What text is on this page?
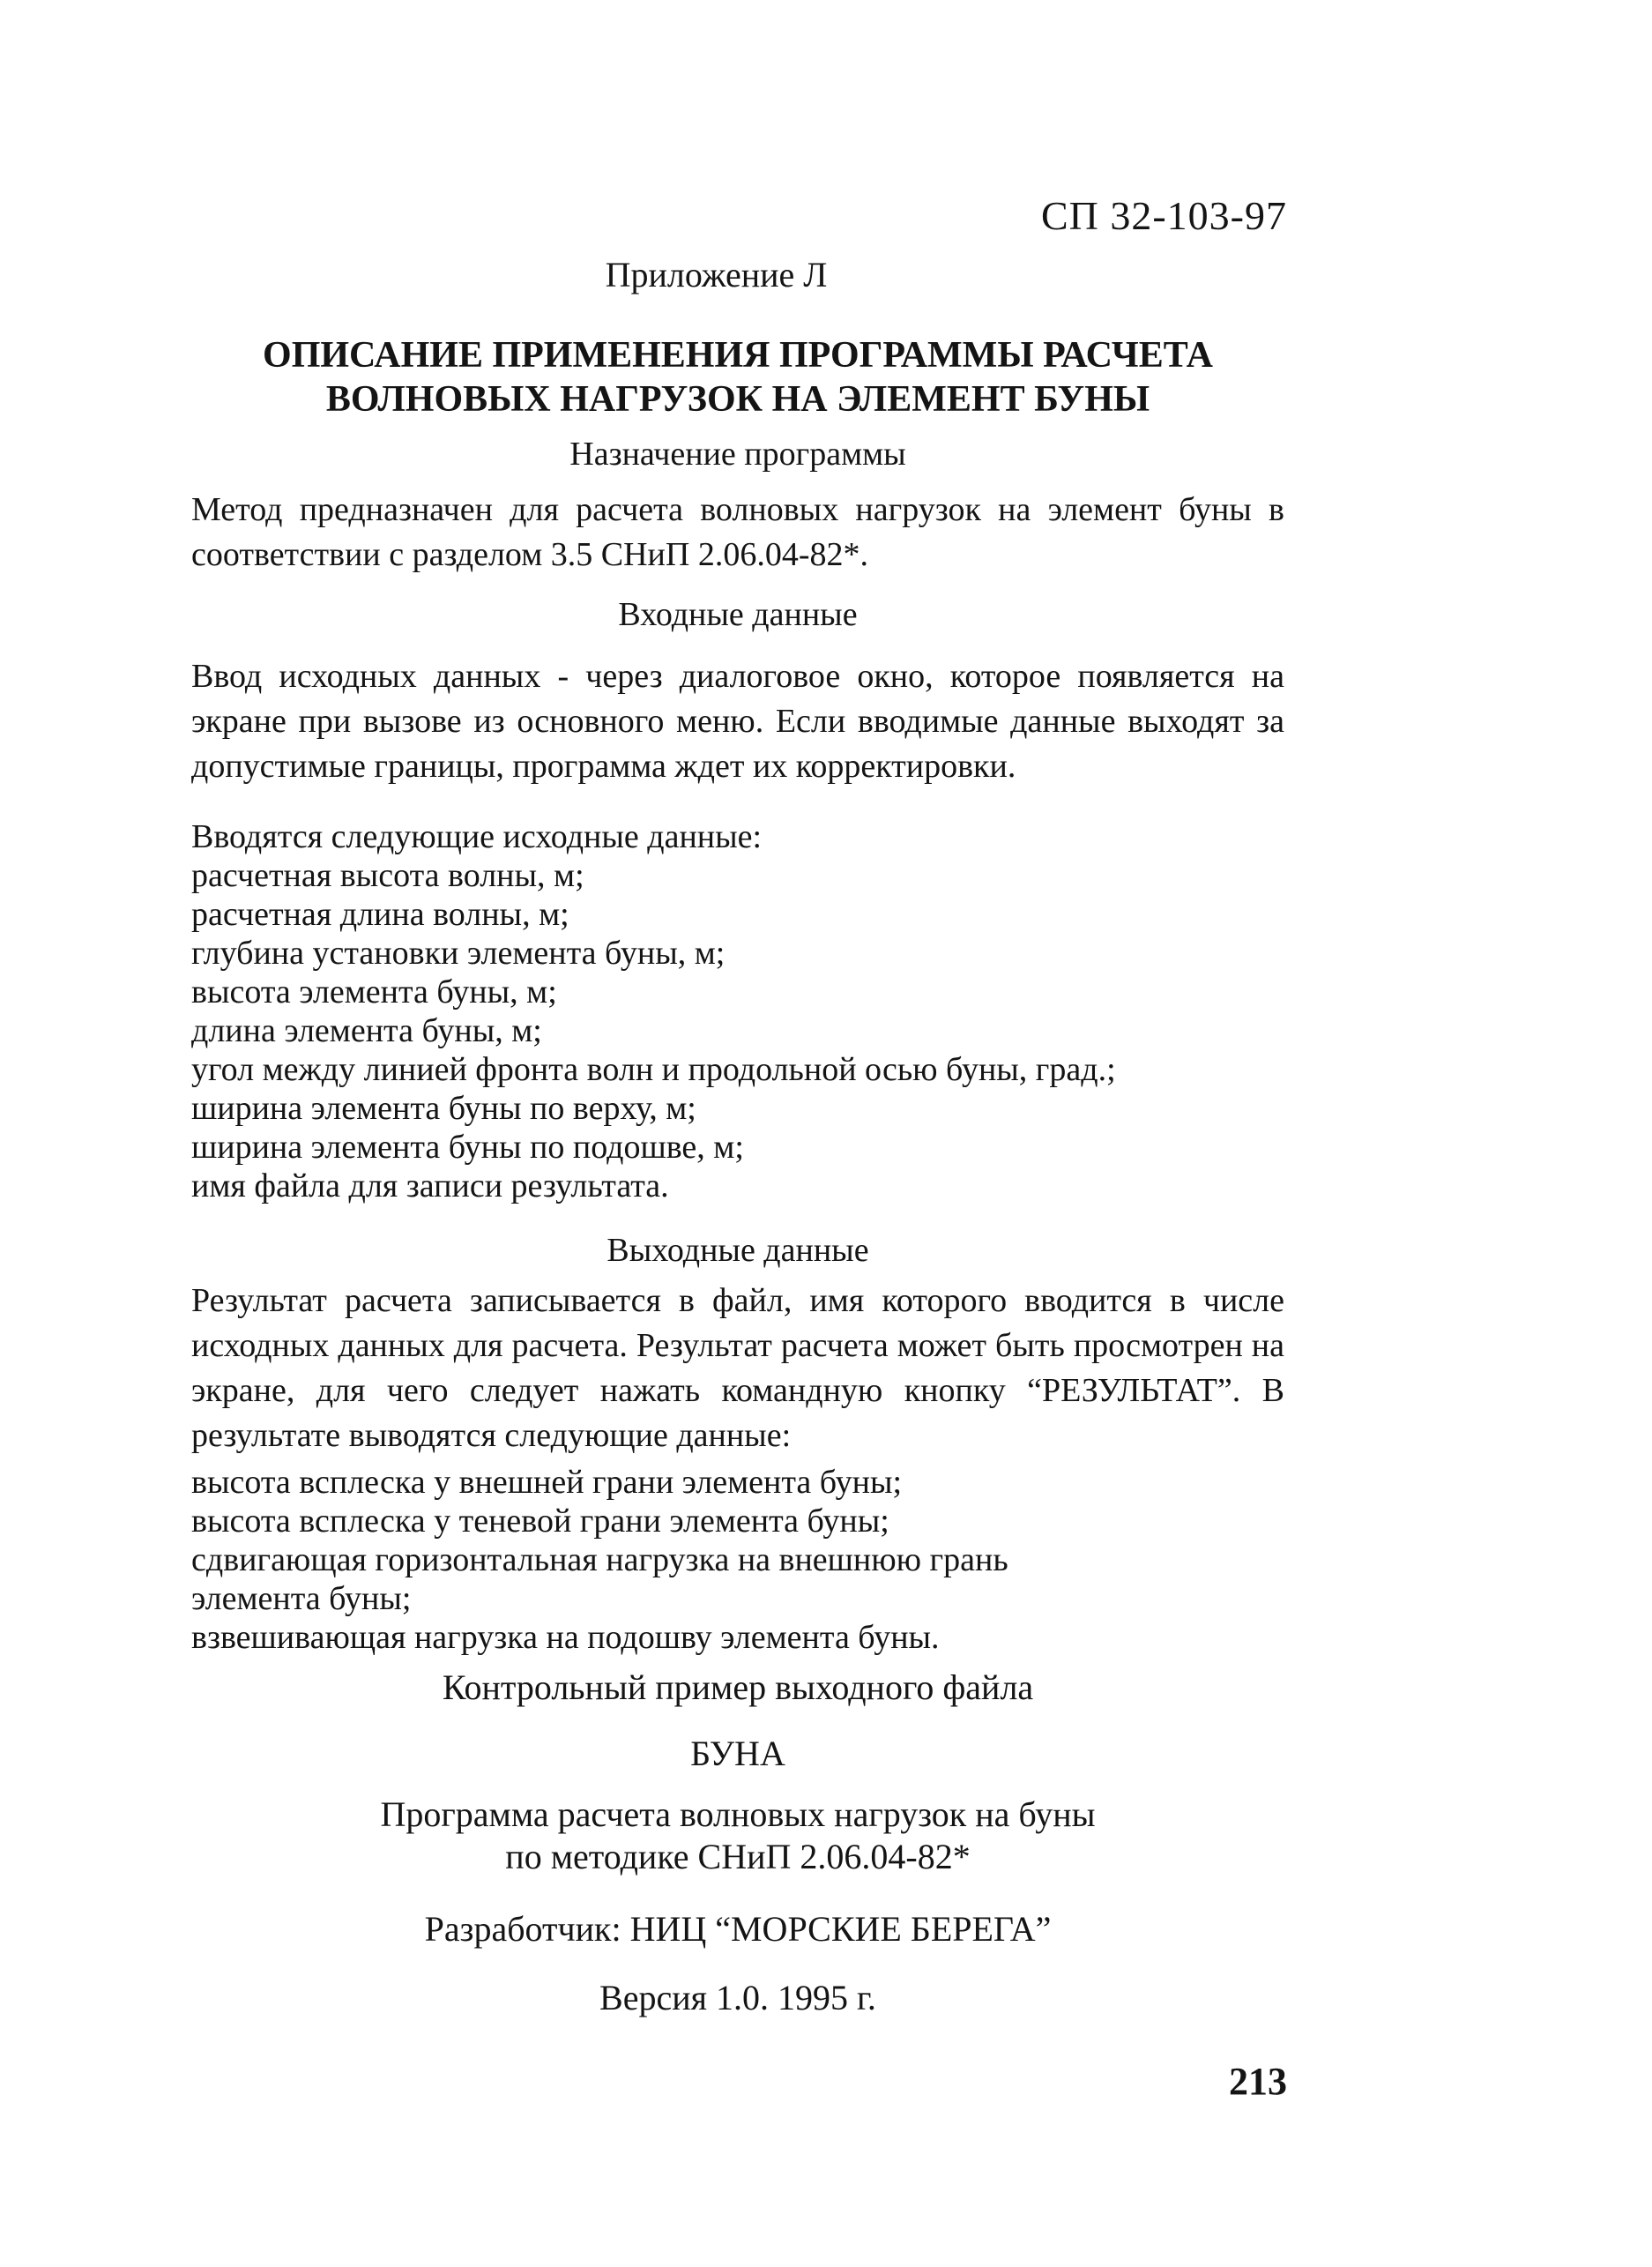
СП 32-103-97
Приложение Л
ОПИСАНИЕ ПРИМЕНЕНИЯ ПРОГРАММЫ РАСЧЕТА
ВОЛНОВЫХ НАГРУЗОК НА ЭЛЕМЕНТ БУНЫ
Назначение программы
Метод предназначен для расчета волновых нагрузок на элемент буны в соответствии с разделом 3.5 СНиП 2.06.04-82*.
Входные данные
Ввод исходных данных - через диалоговое окно, которое появляется на экране при вызове из основного меню. Если вводимые данные выходят за допустимые границы, программа ждет их корректировки.
Вводятся следующие исходные данные:
расчетная высота волны, м;
расчетная длина волны, м;
глубина установки элемента буны, м;
высота элемента буны, м;
длина элемента буны, м;
угол между линией фронта волн и продольной осью буны, град.;
ширина элемента буны по верху, м;
ширина элемента буны по подошве, м;
имя файла для записи результата.
Выходные данные
Результат расчета записывается в файл, имя которого вводится в числе исходных данных для расчета. Результат расчета может быть просмотрен на экране, для чего следует нажать командную кнопку “РЕЗУЛЬТАТ”. В результате выводятся следующие данные:
высота всплеска у внешней грани элемента буны;
высота всплеска у теневой грани элемента буны;
сдвигающая горизонтальная нагрузка на внешнюю грань
элемента буны;
взвешивающая нагрузка на подошву элемента буны.
Контрольный пример выходного файла
БУНА
Программа расчета волновых нагрузок на буны
по методике СНиП 2.06.04-82*
Разработчик: НИЦ “МОРСКИЕ БЕРЕГА”
Версия 1.0. 1995 г.
213
